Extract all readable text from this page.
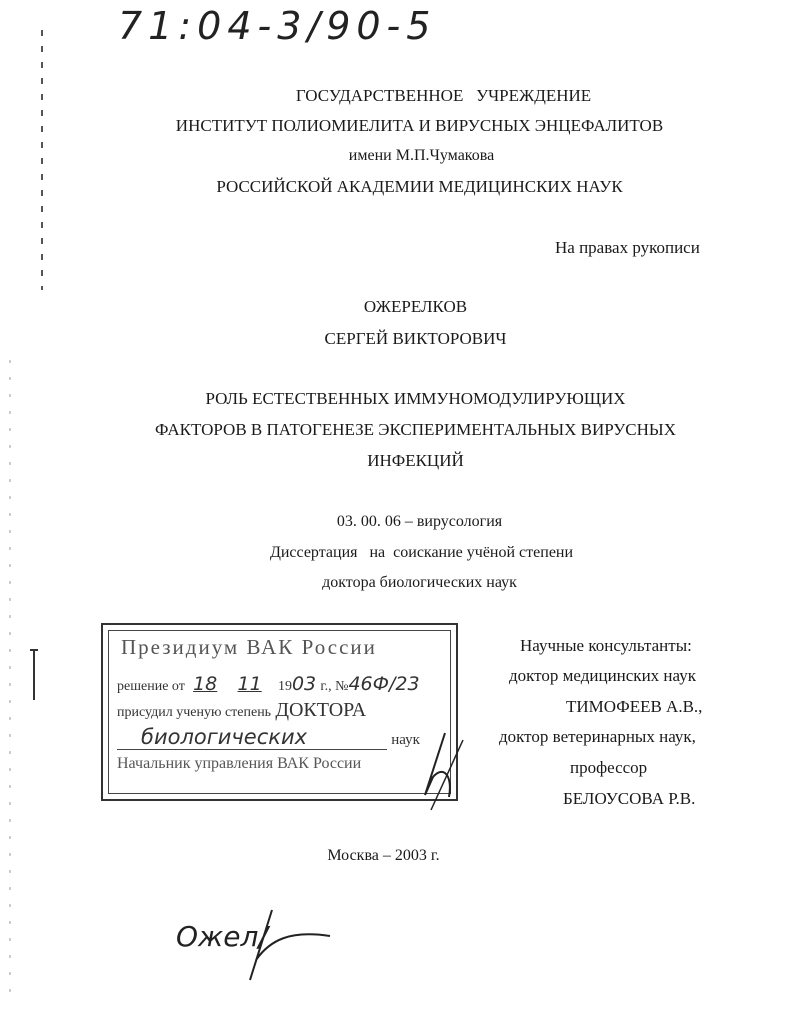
71:04-3/90-5
ГОСУДАРСТВЕННОЕ   УЧРЕЖДЕНИЕ
ИНСТИТУТ ПОЛИОМИЕЛИТА И ВИРУСНЫХ ЭНЦЕФАЛИТОВ
имени М.П.Чумакова
РОССИЙСКОЙ АКАДЕМИИ МЕДИЦИНСКИХ НАУК
На правах рукописи
ОЖЕРЕЛКОВ
СЕРГЕЙ ВИКТОРОВИЧ
РОЛЬ ЕСТЕСТВЕННЫХ ИММУНОМОДУЛИРУЮЩИХ
ФАКТОРОВ В ПАТОГЕНЕЗЕ ЭКСПЕРИМЕНТАЛЬНЫХ ВИРУСНЫХ
ИНФЕКЦИЙ
03. 00. 06 – вирусология
Диссертация   на  соискание учёной степени
доктора биологических наук
Президиум ВАК России
решение от 18 11 1903 г., №46Ф/23
присудил ученую степень ДОКТОРА
биологических	наук
Начальник управления ВАК России
Научные консультанты:
доктор медицинских наук
ТИМОФЕЕВ А.В.,
доктор ветеринарных наук,
профессор
БЕЛОУСОВА Р.В.
Москва – 2003 г.
Ожел/
